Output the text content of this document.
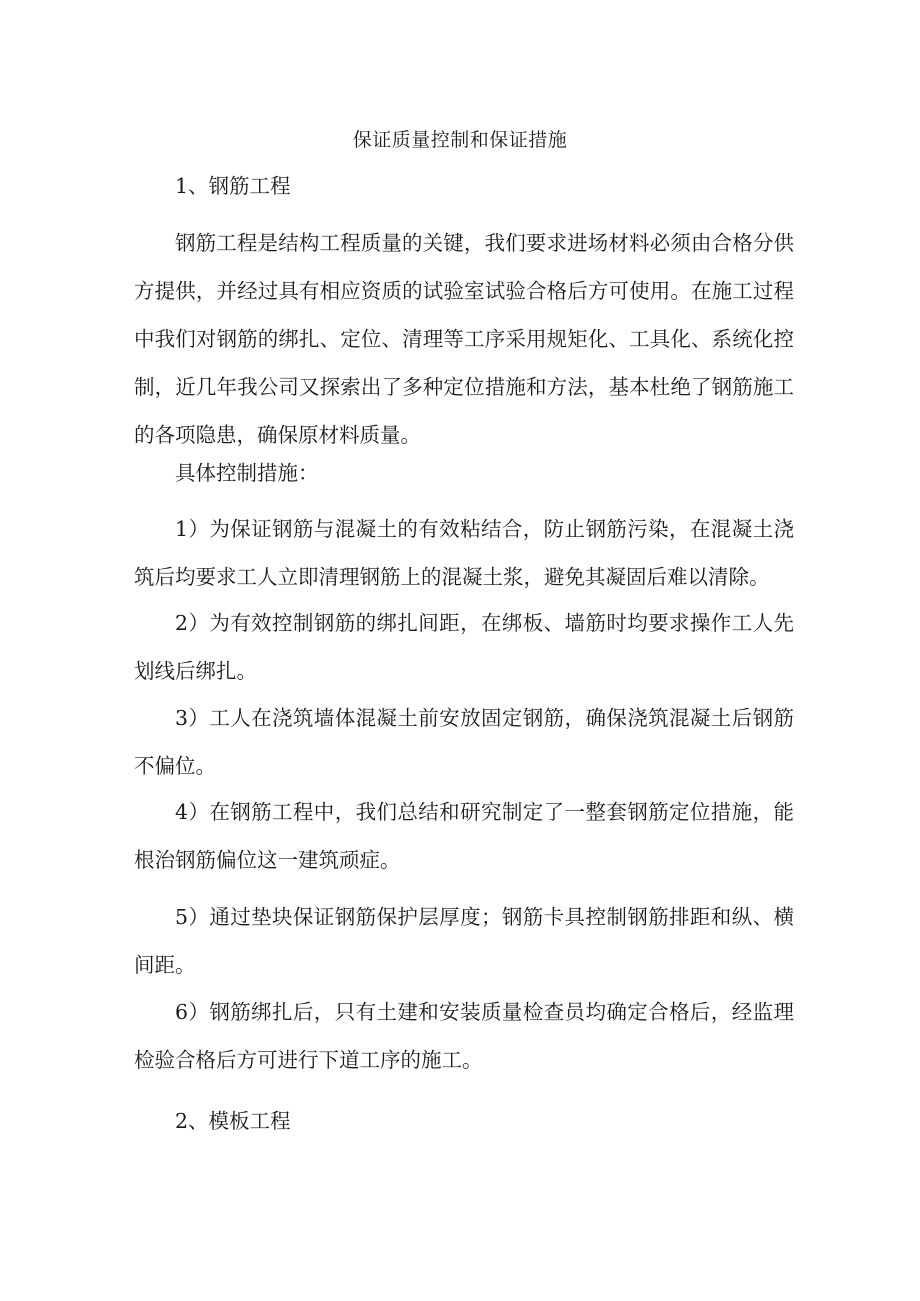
保证质量控制和保证措施

1、钢筋工程

钢筋工程是结构工程质量的关键，我们要求进场材料必须由合格分供方提供，并经过具有相应资质的试验室试验合格后方可使用。在施工过程中我们对钢筋的绑扎、定位、清理等工序采用规矩化、工具化、系统化控制，近几年我公司又探索出了多种定位措施和方法，基本杜绝了钢筋施工的各项隐患，确保原材料质量。

具体控制措施：

1）为保证钢筋与混凝土的有效粘结合，防止钢筋污染，在混凝土浇筑后均要求工人立即清理钢筋上的混凝土浆，避免其凝固后难以清除。

2）为有效控制钢筋的绑扎间距，在绑板、墙筋时均要求操作工人先划线后绑扎。

3）工人在浇筑墙体混凝土前安放固定钢筋，确保浇筑混凝土后钢筋不偏位。

4）在钢筋工程中，我们总结和研究制定了一整套钢筋定位措施，能根治钢筋偏位这一建筑顽症。

5）通过垫块保证钢筋保护层厚度；钢筋卡具控制钢筋排距和纵、横间距。

6）钢筋绑扎后，只有土建和安装质量检查员均确定合格后，经监理检验合格后方可进行下道工序的施工。

2、模板工程
